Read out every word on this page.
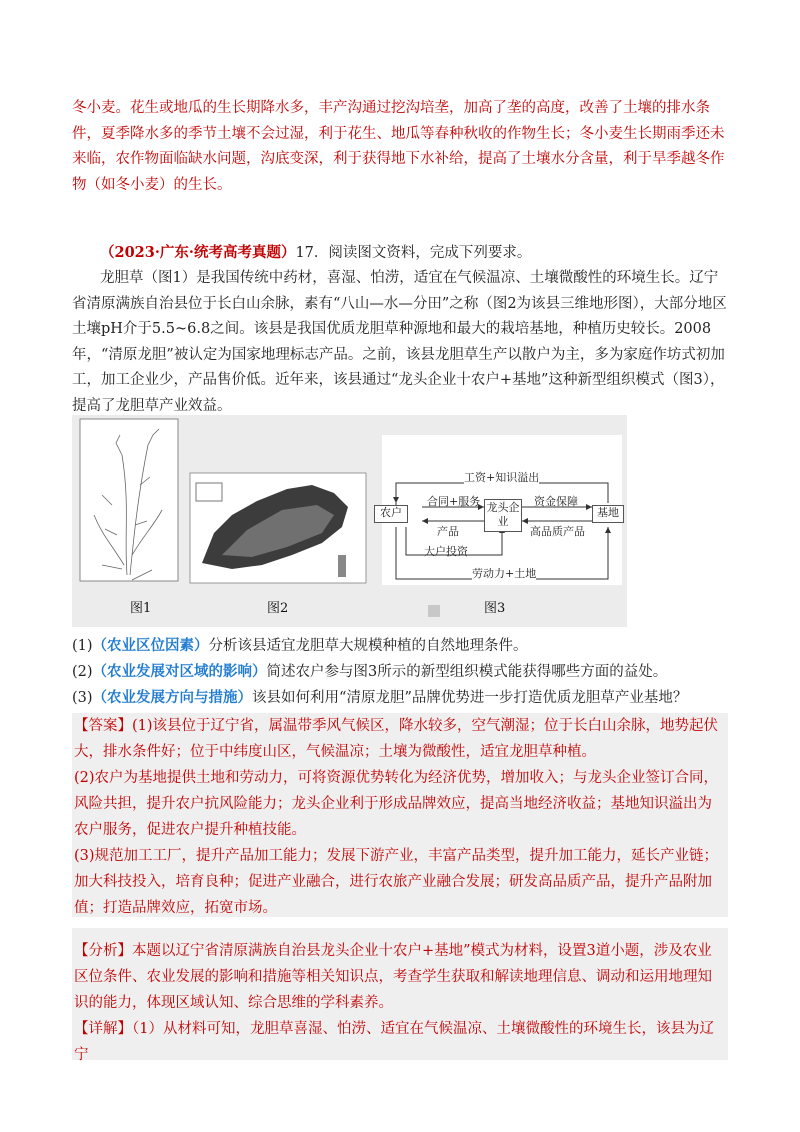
冬小麦。花生或地瓜的生长期降水多，丰产沟通过挖沟培垄，加高了垄的高度，改善了土壤的排水条件，夏季降水多的季节土壤不会过湿，利于花生、地瓜等春种秋收的作物生长；冬小麦生长期雨季还未来临，农作物面临缺水问题，沟底变深，利于获得地下水补给，提高了土壤水分含量，利于旱季越冬作物（如冬小麦）的生长。
（2023·广东·统考高考真题）17．阅读图文资料，完成下列要求。
龙胆草（图1）是我国传统中药材，喜湿、怕涝，适宜在气候温凉、土壤微酸性的环境生长。辽宁省清原满族自治县位于长白山余脉，素有“八山—水—分田”之称（图2为该县三维地形图），大部分地区土壤pH介于5.5~6.8之间。该县是我国优质龙胆草种源地和最大的栽培基地，种植历史较长。2008年，“清原龙胆”被认定为国家地理标志产品。之前，该县龙胆草生产以散户为主，多为家庭作坊式初加工，加工企业少，产品售价低。近年来，该县通过“龙头企业十农户+基地”这种新型组织模式（图3），提高了龙胆草产业效益。
农户	龙头企业
基地
工资+知识溢出
合同+服务
产品
资金保障
高品质产品
大户投资
劳动力+土地
图1	图2	图3
(1)（农业区位因素）分析该县适宜龙胆草大规模种植的自然地理条件。
(2)（农业发展对区域的影响）简述农户参与图3所示的新型组织模式能获得哪些方面的益处。
(3)（农业发展方向与措施）该县如何利用“清原龙胆”品牌优势进一步打造优质龙胆草产业基地？
【答案】(1)该县位于辽宁省，属温带季风气候区，降水较多，空气潮湿；位于长白山余脉，地势起伏大，排水条件好；位于中纬度山区，气候温凉；土壤为微酸性，适宜龙胆草种植。
(2)农户为基地提供土地和劳动力，可将资源优势转化为经济优势，增加收入；与龙头企业签订合同，风险共担，提升农户抗风险能力；龙头企业利于形成品牌效应，提高当地经济收益；基地知识溢出为农户服务，促进农户提升种植技能。
(3)规范加工工厂，提升产品加工能力；发展下游产业，丰富产品类型，提升加工能力，延长产业链；加大科技投入，培育良种；促进产业融合，进行农旅产业融合发展；研发高品质产品，提升产品附加值；打造品牌效应，拓宽市场。
【分析】本题以辽宁省清原满族自治县龙头企业十农户+基地”模式为材料，设置3道小题，涉及农业区位条件、农业发展的影响和措施等相关知识点，考查学生获取和解读地理信息、调动和运用地理知识的能力，体现区域认知、综合思维的学科素养。
【详解】（1）从材料可知，龙胆草喜湿、怕涝、适宜在气候温凉、土壤微酸性的环境生长，该县为辽宁
